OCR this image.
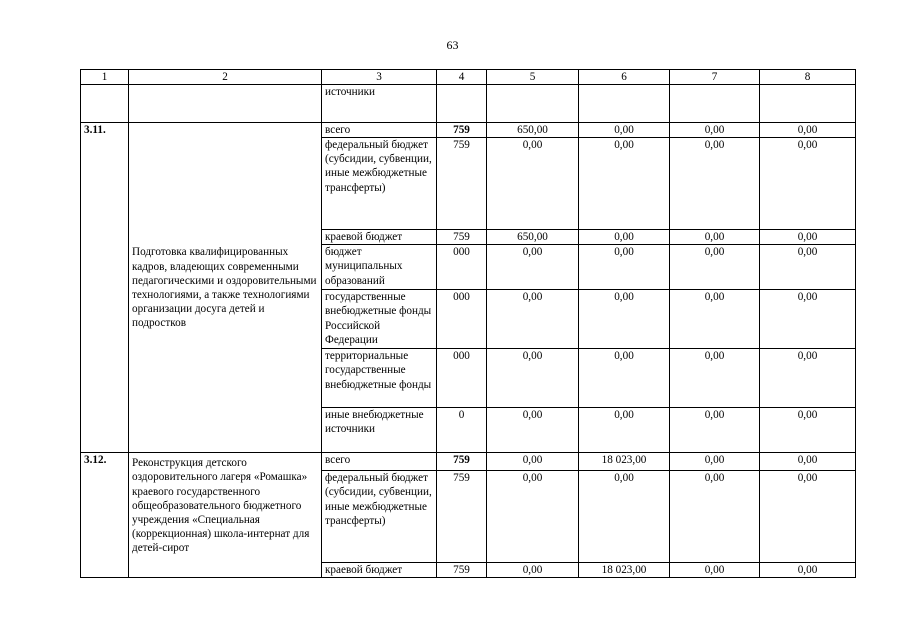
63
1	2	3	4	5	6	7	8
		источники					
3.11.	Подготовка квалифицированных кадров, владеющих современными педагогическими и оздоровительными технологиями, а также технологиями организации досуга детей и подростков	всего	759	650,00	0,00	0,00	0,00
		федеральный бюджет (субсидии, субвенции, иные межбюджетные трансферты)	759	0,00	0,00	0,00	0,00
		краевой бюджет	759	650,00	0,00	0,00	0,00
		бюджет муниципальных образований	000	0,00	0,00	0,00	0,00
		государственные внебюджетные фонды Российской Федерации	000	0,00	0,00	0,00	0,00
		территориальные государственные внебюджетные фонды	000	0,00	0,00	0,00	0,00
		иные внебюджетные источники	0	0,00	0,00	0,00	0,00
3.12.	Реконструкция детского оздоровительного лагеря «Ромашка» краевого государственного общеобразовательного бюджетного учреждения «Специальная (коррекционная) школа-интернат для детей-сирот	всего	759	0,00	18 023,00	0,00	0,00
		федеральный бюджет (субсидии, субвенции, иные межбюджетные трансферты)	759	0,00	0,00	0,00	0,00
		краевой бюджет	759	0,00	18 023,00	0,00	0,00
